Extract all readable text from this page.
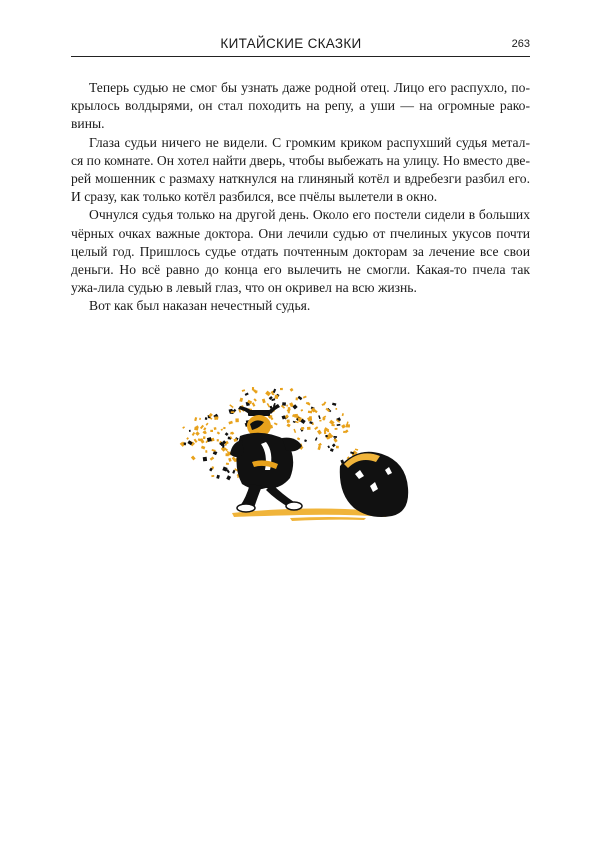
КИТАЙСКИЕ СКАЗКИ	263

Теперь судью не смог бы узнать даже родной отец. Лицо его распухло, по-крылось волдырями, он стал походить на репу, а уши — на огромные рако-вины.

Глаза судьи ничего не видели. С громким криком распухший судья метал-ся по комнате. Он хотел найти дверь, чтобы выбежать на улицу. Но вместо две-рей мошенник с размаху наткнулся на глиняный котёл и вдребезги разбил его. И сразу, как только котёл разбился, все пчёлы вылетели в окно.

Очнулся судья только на другой день. Около его постели сидели в больших чёрных очках важные доктора. Они лечили судью от пчелиных укусов почти целый год. Пришлось судье отдать почтенным докторам за лечение все свои деньги. Но всё равно до конца его вылечить не смогли. Какая-то пчела так ужа-лила судью в левый глаз, что он окривел на всю жизнь.

Вот как был наказан нечестный судья.
